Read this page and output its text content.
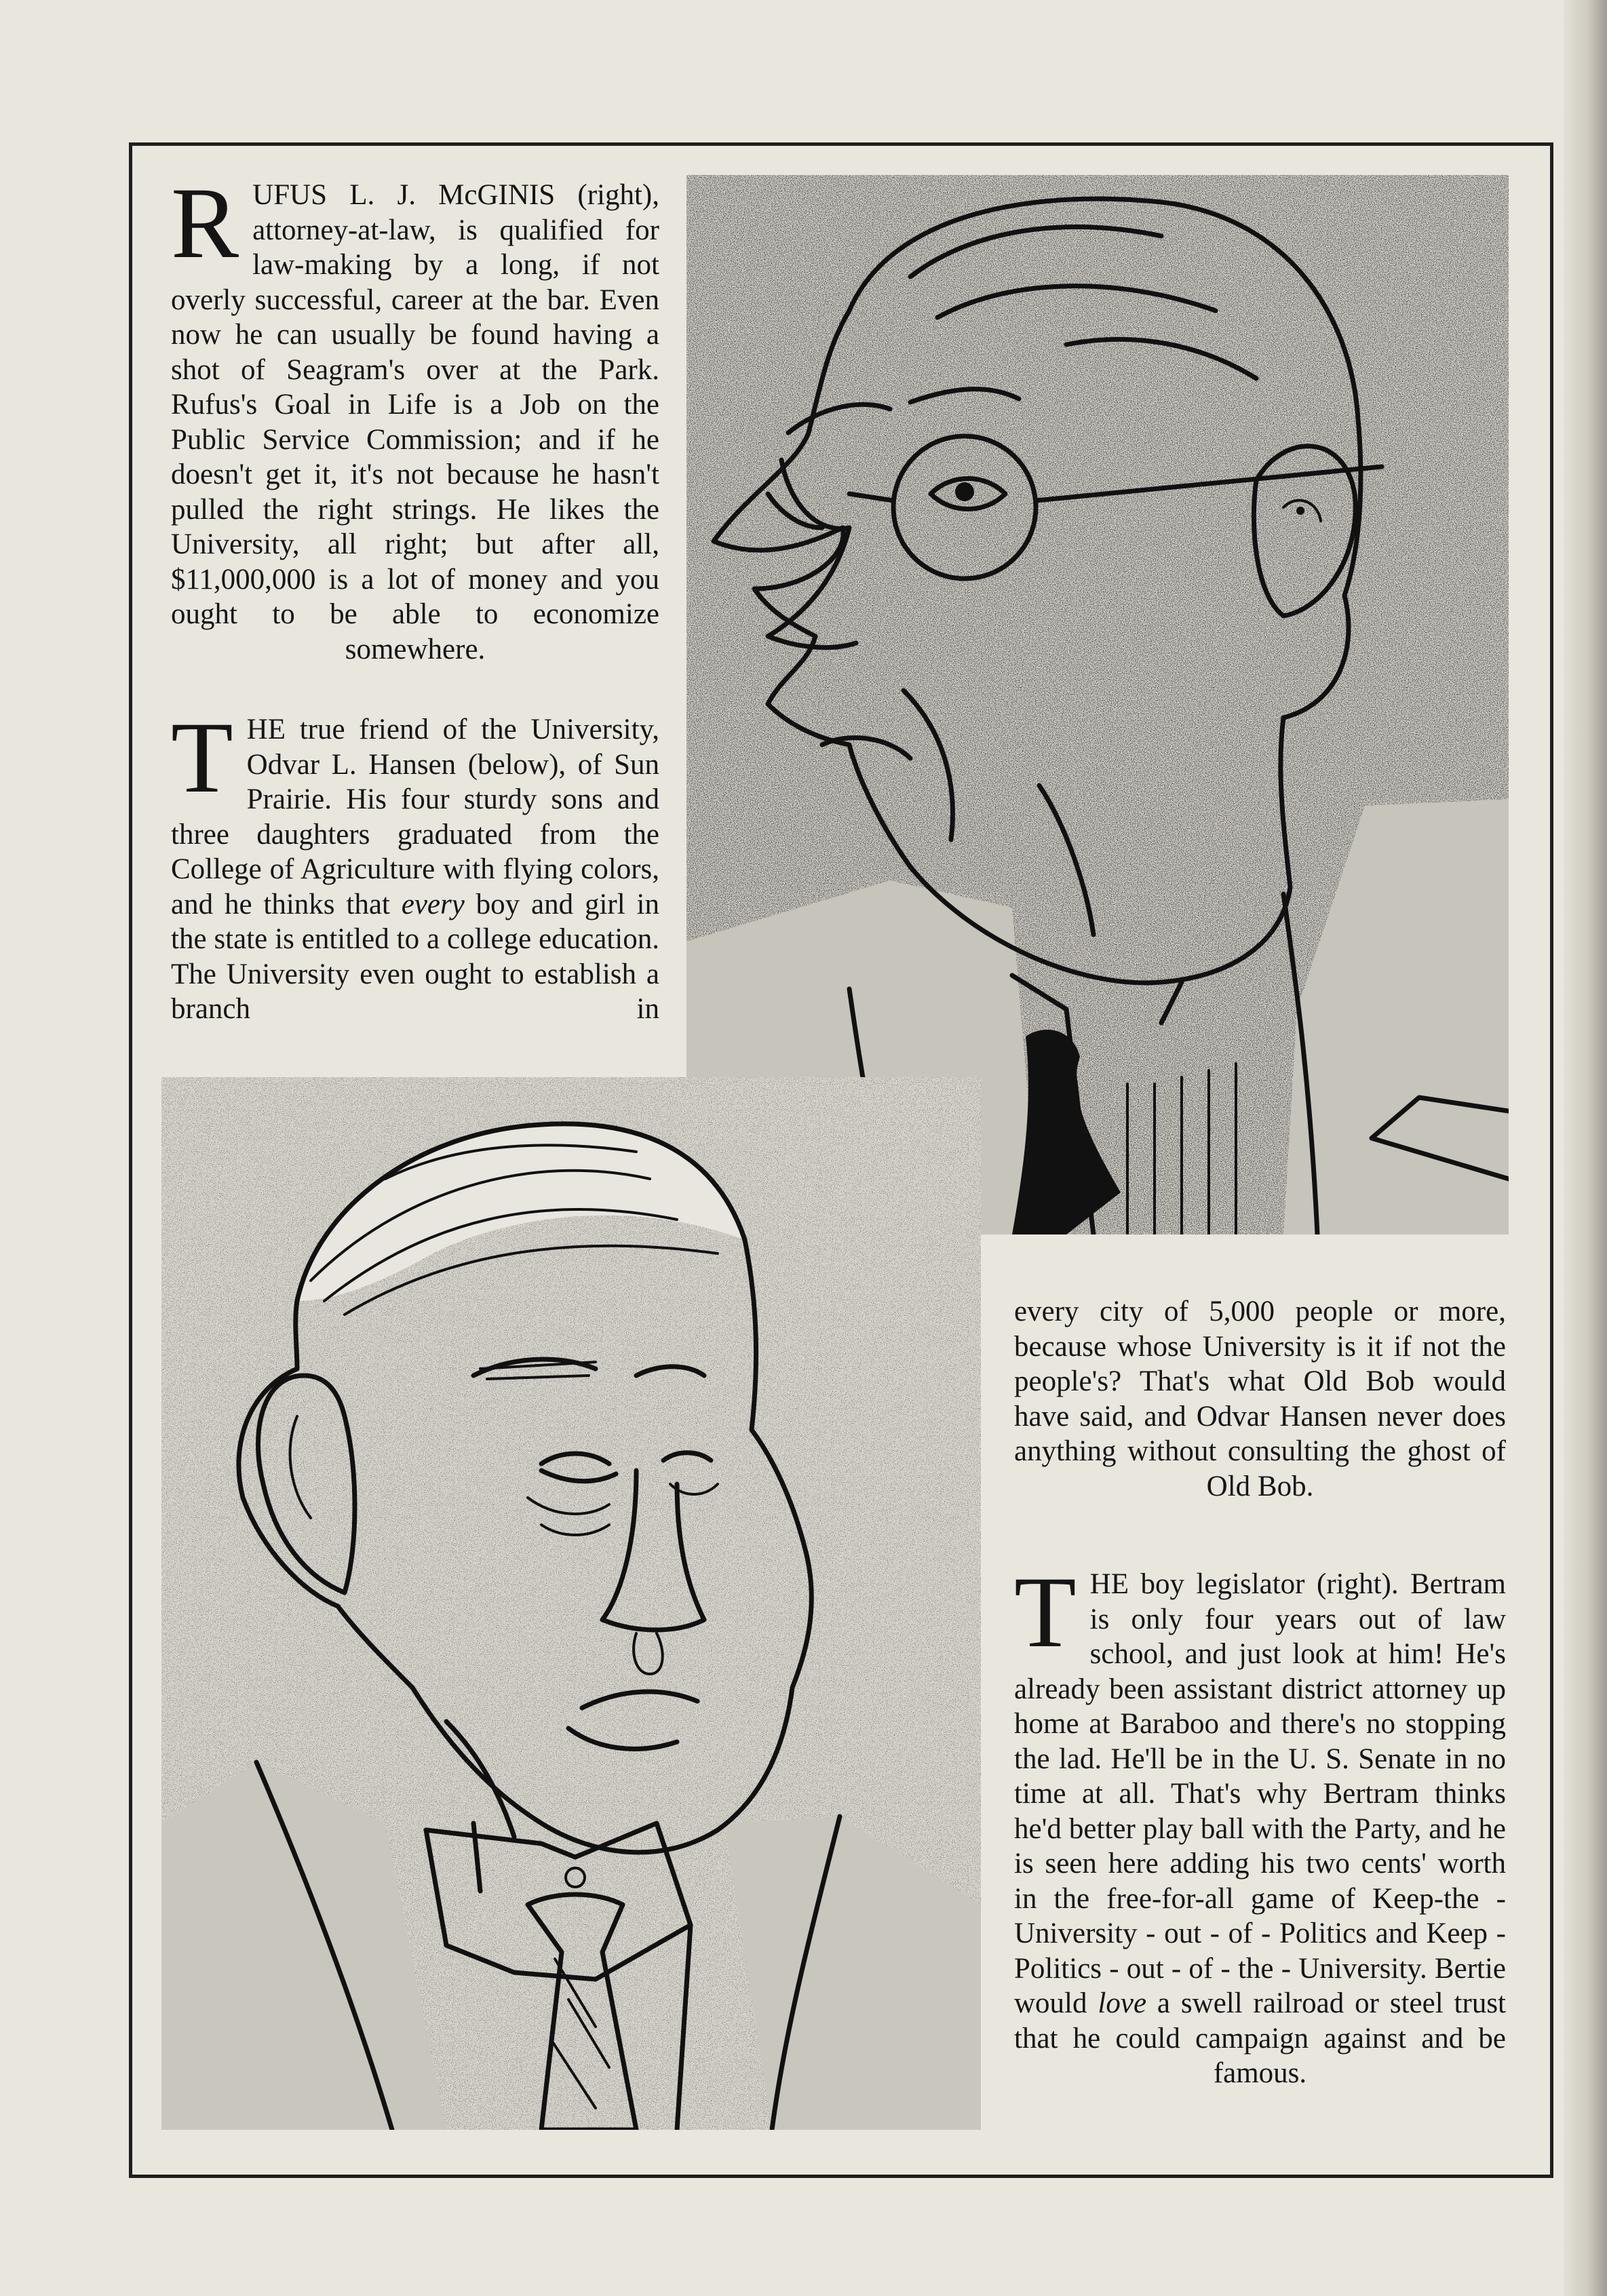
R UFUS L. J. McGINIS (right), attorney-at-law, is qualified for law-making by a long, if not overly successful, career at the bar. Even now he can usually be found having a shot of Seagram's over at the Park. Rufus's Goal in Life is a Job on the Public Service Commission; and if he doesn't get it, it's not because he hasn't pulled the right strings. He likes the University, all right; but after all, $11,000,000 is a lot of money and you ought to be able to economize somewhere.
T HE true friend of the University, Odvar L. Hansen (below), of Sun Prairie. His four sturdy sons and three daughters graduated from the College of Agriculture with flying colors, and he thinks that every boy and girl in the state is entitled to a college education. The University even ought to establish a branch in
every city of 5,000 people or more, because whose University is it if not the people's? That's what Old Bob would have said, and Odvar Hansen never does anything without consulting the ghost of Old Bob.
T HE boy legislator (right). Bertram is only four years out of law school, and just look at him! He's already been assistant district attorney up home at Baraboo and there's no stopping the lad. He'll be in the U. S. Senate in no time at all. That's why Bertram thinks he'd better play ball with the Party, and he is seen here adding his two cents' worth in the free-for-all game of Keep-the - University - out - of - Politics and Keep - Politics - out - of - the - University. Bertie would love a swell railroad or steel trust that he could campaign against and be famous.
